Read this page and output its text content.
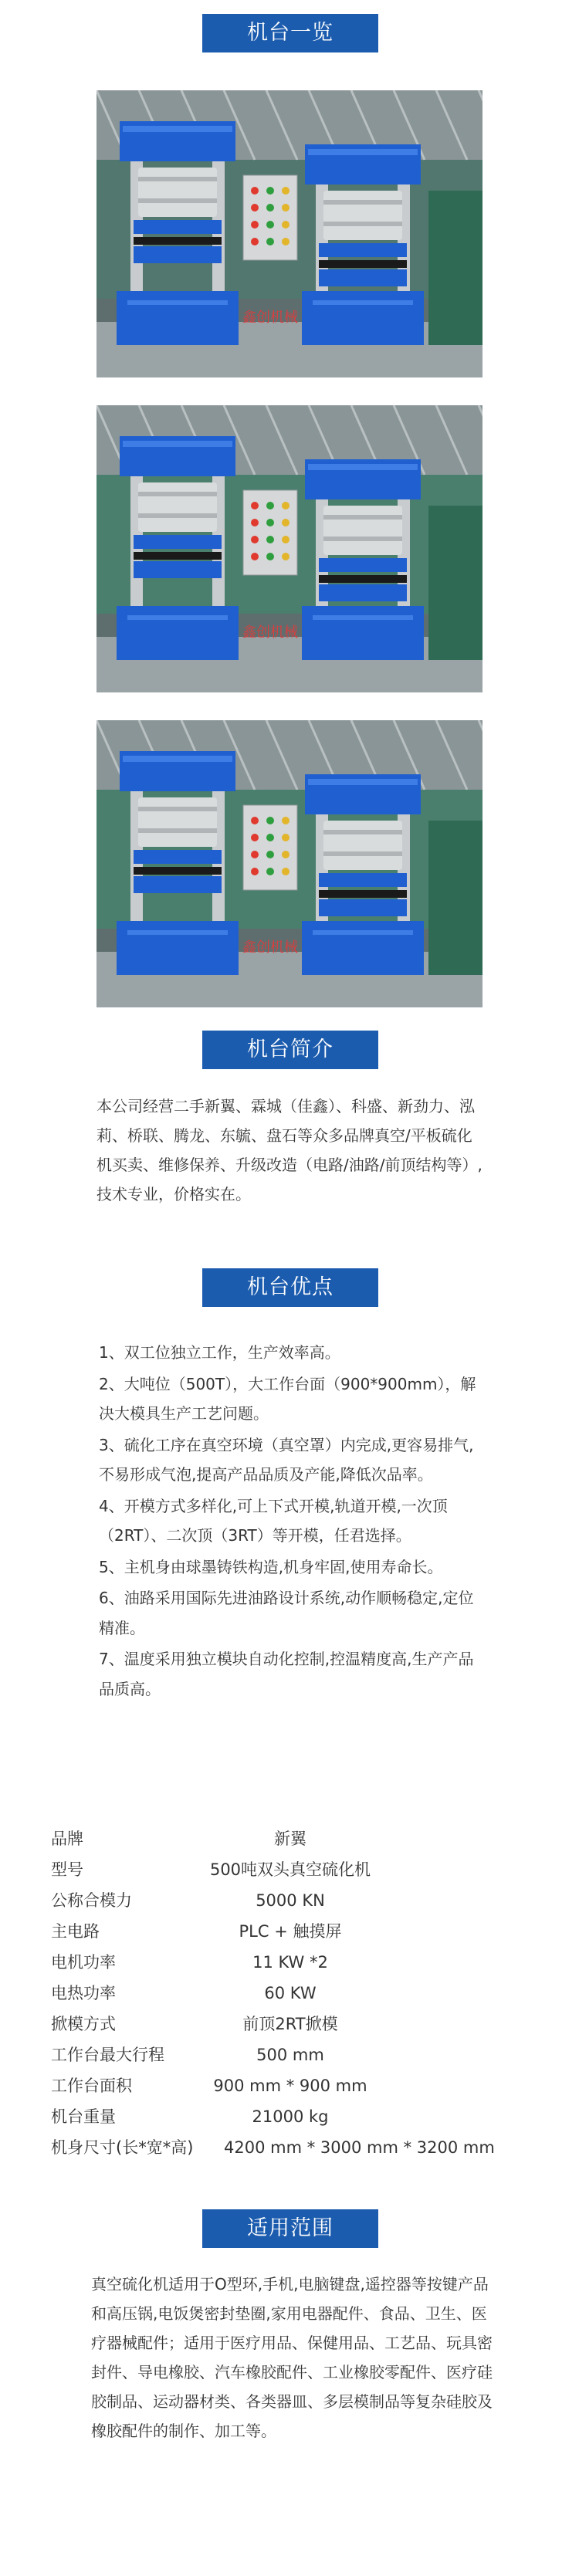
机台一览
鑫创机械
鑫创机械
鑫创机械
机台简介

本公司经营二手新翼、霖城（佳鑫）、科盛、新劲力、泓莉、桥联、腾龙、东毓、盘石等众多品牌真空/平板硫化机买卖、维修保养、升级改造（电路/油路/前顶结构等）,技术专业，价格实在。

机台优点

1、双工位独立工作，生产效率高。

2、大吨位（500T），大工作台面（900*900mm），解决大模具生产工艺问题。

3、硫化工序在真空环境（真空罩）内完成,更容易排气,不易形成气泡,提高产品品质及产能,降低次品率。

4、开模方式多样化,可上下式开模,轨道开模,一次顶（2RT）、二次顶（3RT）等开模，任君选择。

5、主机身由球墨铸铁构造,机身牢固,使用寿命长。

6、油路采用国际先进油路设计系统,动作顺畅稳定,定位精准。

7、温度采用独立模块自动化控制,控温精度高,生产产品品质高。

品牌	新翼
型号	500吨双头真空硫化机
公称合模力	5000 KN
主电路	PLC + 触摸屏
电机功率	11 KW *2
电热功率	60 KW
掀模方式	前顶2RT掀模
工作台最大行程	500 mm
工作台面积	900 mm * 900 mm
机台重量	21000 kg
机身尺寸(长*宽*高) 4200 mm * 3000 mm * 3200 mm
适用范围

真空硫化机适用于O型环,手机,电脑键盘,遥控器等按键产品和高压锅,电饭煲密封垫圈,家用电器配件、食品、卫生、医疗器械配件；适用于医疗用品、保健用品、工艺品、玩具密封件、导电橡胶、汽车橡胶配件、工业橡胶零配件、医疗硅胶制品、运动器材类、各类器皿、多层模制品等复杂硅胶及橡胶配件的制作、加工等。
